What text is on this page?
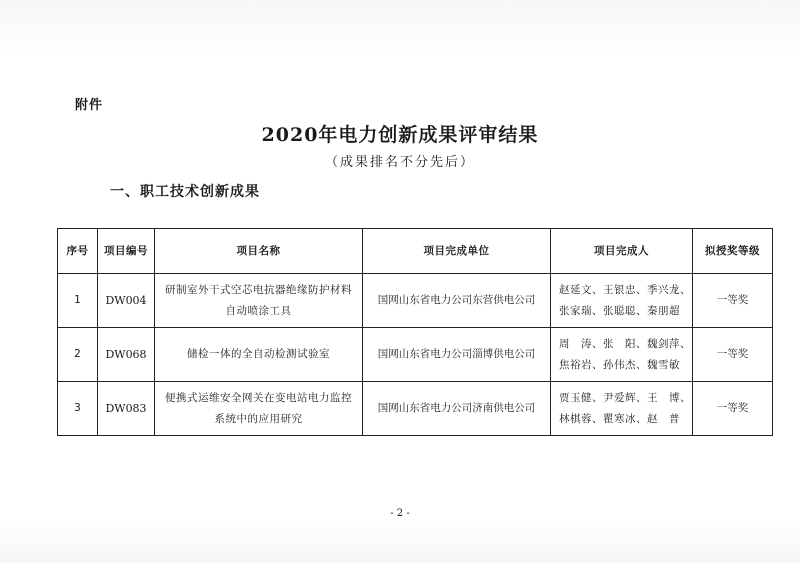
附件
2020年电力创新成果评审结果
（成果排名不分先后）
一、职工技术创新成果
序号	项目编号	项目名称	项目完成单位	项目完成人	拟授奖等级
1	DW004	研制室外干式空芯电抗器绝缘防护材料
自动喷涂工具	国网山东省电力公司东营供电公司	赵延文、王银忠、季兴龙、
张家瑞、张聪聪、秦朋超	一等奖
2	DW068	储检一体的全自动检测试验室	国网山东省电力公司淄博供电公司	周　涛、张　阳、魏剑萍、
焦裕岩、孙伟杰、魏雪敏	一等奖
3	DW083	便携式运维安全网关在变电站电力监控
系统中的应用研究	国网山东省电力公司济南供电公司	贾玉健、尹爱辉、王　博、
林棋蓉、瞿寒冰、赵　普	一等奖
- 2 -
